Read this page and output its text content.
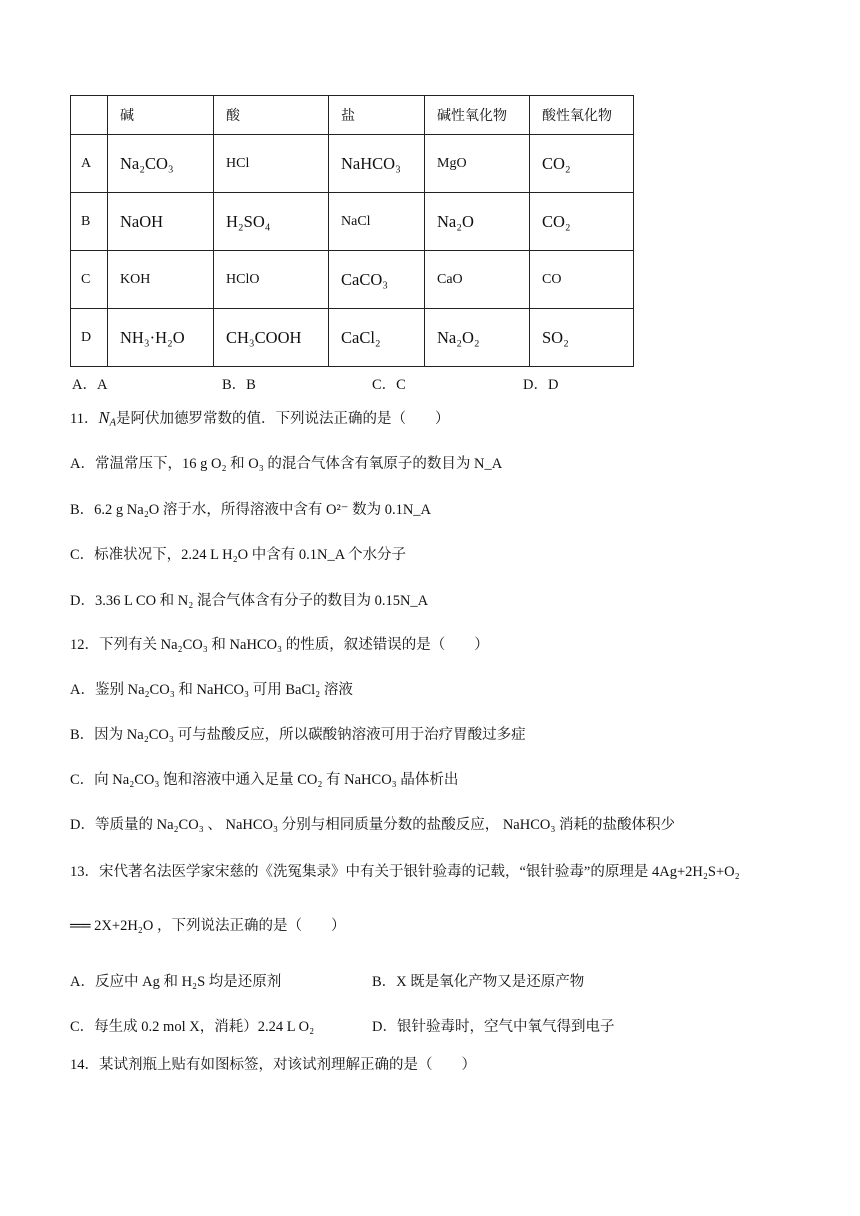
	碱	酸	盐	碱性氧化物	酸性氧化物
A	Na₂CO₃	HCl	NaHCO₃	MgO	CO₂
B	NaOH	H₂SO₄	NaCl	Na₂O	CO₂
C	KOH	HClO	CaCO₃	CaO	CO
D	NH₃·H₂O	CH₃COOH	CaCl₂	Na₂O₂	SO₂
A．A	B．B	C．C	D．D
11．$N_A$是阿伏加德罗常数的值．下列说法正确的是（　　）
A．常温常压下，16 g O₂ 和 O₃ 的混合气体含有氧原子的数目为 N_A
B．6.2 g Na₂O 溶于水，所得溶液中含有 O²⁻ 数为 0.1N_A
C．标准状况下，2.24 L H₂O 中含有 0.1N_A 个水分子
D．3.36 L CO 和 N₂ 混合气体含有分子的数目为 0.15N_A
12．下列有关 Na₂CO₃ 和 NaHCO₃ 的性质，叙述错误的是（　　）
A．鉴别 Na₂CO₃ 和 NaHCO₃ 可用 BaCl₂ 溶液
B．因为 Na₂CO₃ 可与盐酸反应，所以碳酸钠溶液可用于治疗胃酸过多症
C．向 Na₂CO₃ 饱和溶液中通入足量 CO₂ 有 NaHCO₃ 晶体析出
D．等质量的 Na₂CO₃ 、 NaHCO₃ 分别与相同质量分数的盐酸反应， NaHCO₃ 消耗的盐酸体积少
13．宋代著名法医学家宋慈的《洗冤集录》中有关于银针验毒的记载，“银针验毒”的原理是 4Ag+2H₂S+O₂
══ 2X+2H₂O ，下列说法正确的是（　　）
A．反应中 Ag 和 H₂S 均是还原剂	B．X 既是氧化产物又是还原产物
C．每生成 0.2 mol X，消耗）2.24 L O₂	D．银针验毒时，空气中氧气得到电子
14．某试剂瓶上贴有如图标签，对该试剂理解正确的是（　　）
